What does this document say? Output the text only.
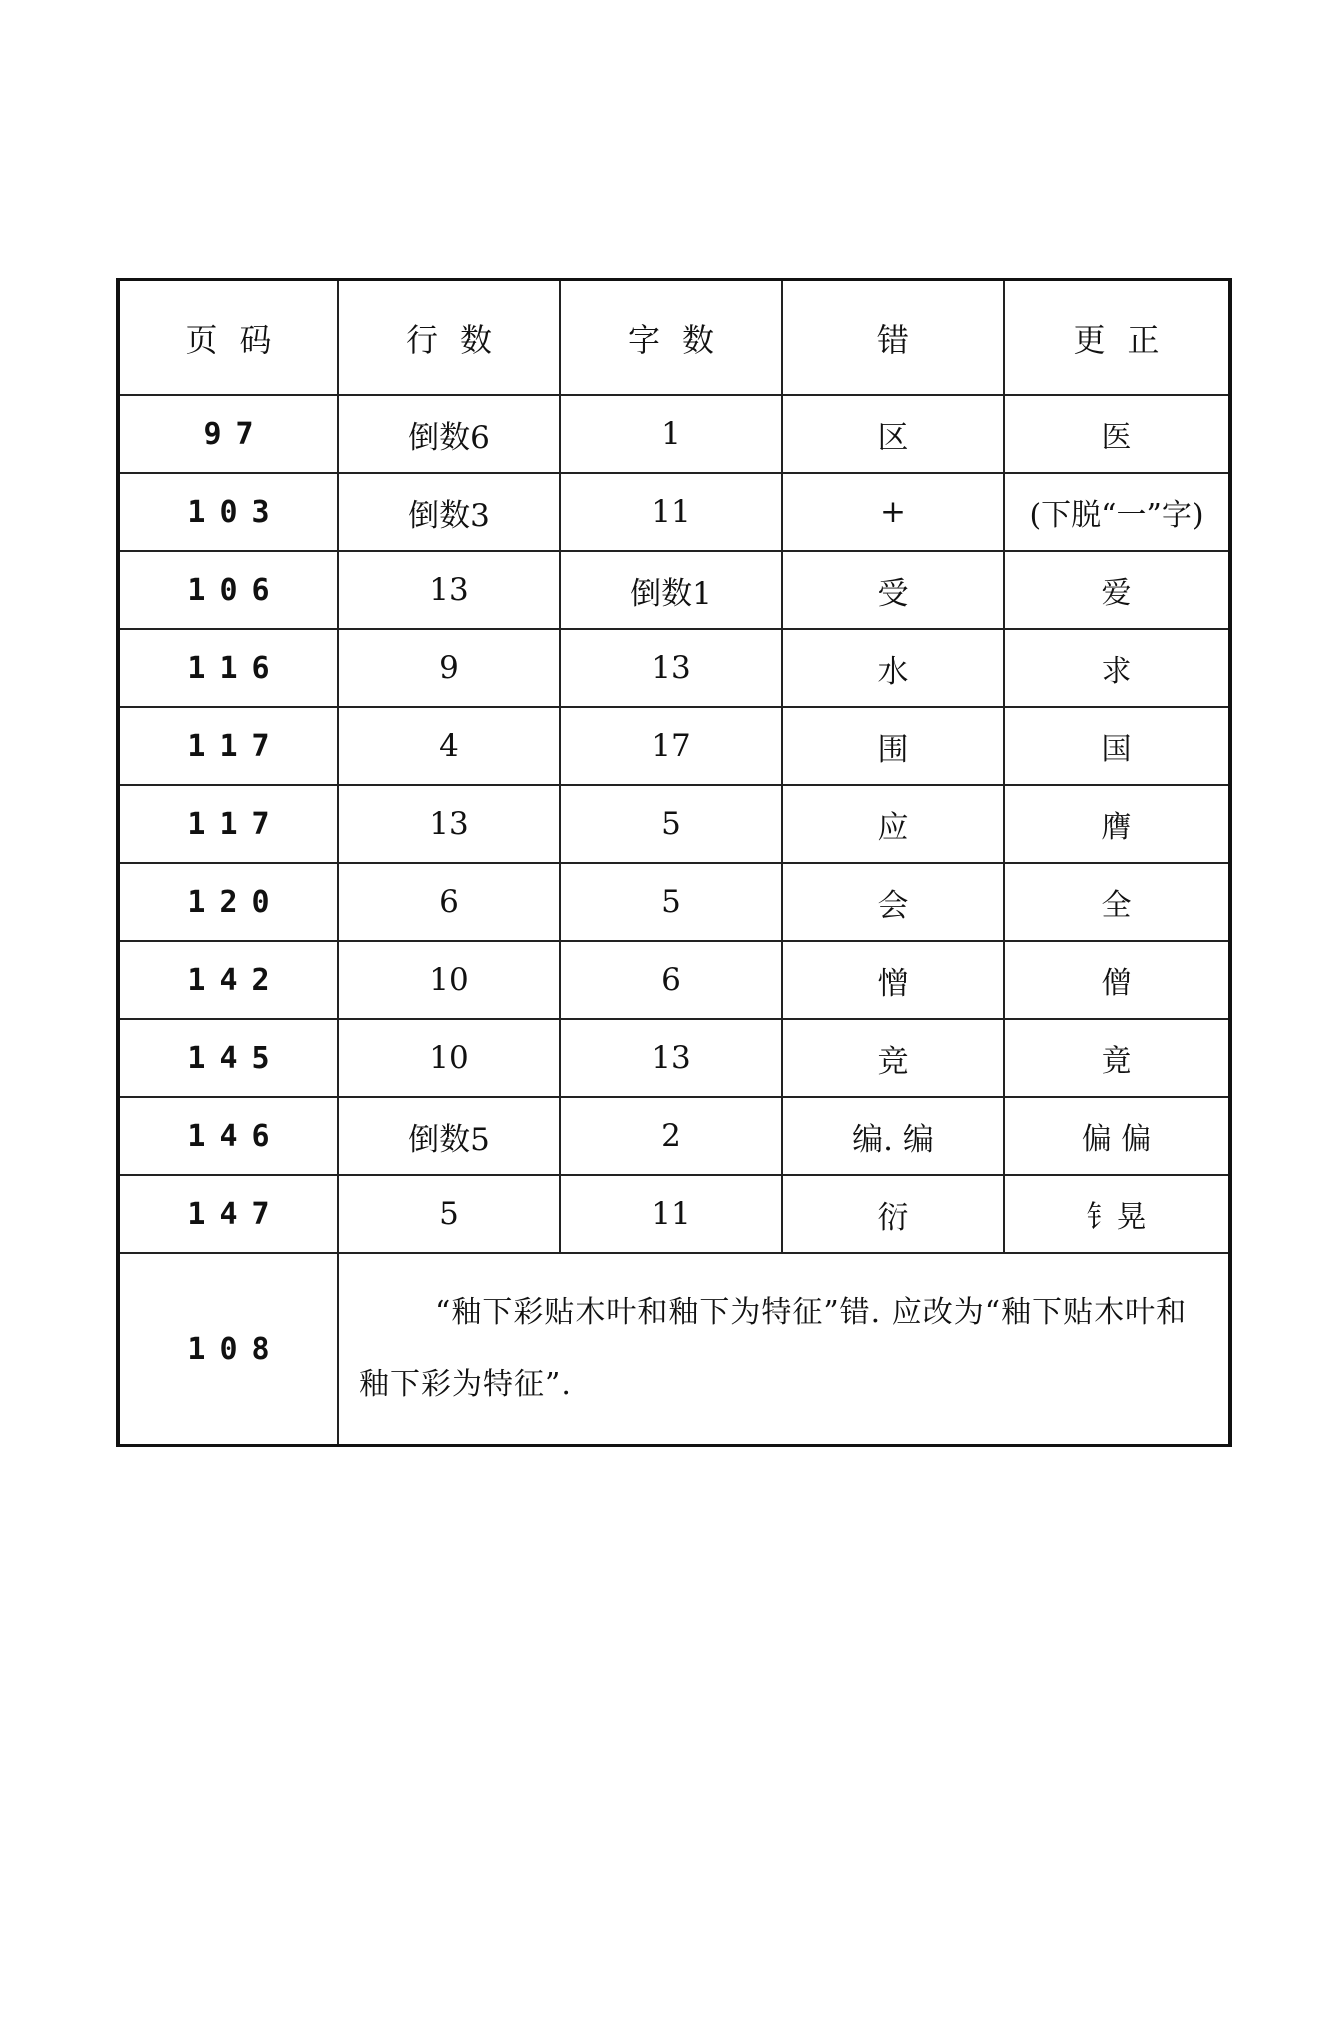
页码	行数	字数	错	更正
97	倒数6	1	区	医
103	倒数3	11	+	(下脱“一”字)
106	13	倒数1	受	爱
116	9	13	水	求
117	4	17	围	国
117	13	5	应	膺
120	6	5	会	全
142	10	6	憎	僧
145	10	13	竞	竟
146	倒数5	2	编. 编	偏 偏
147	5	11	衍	钅晃
108	“釉下彩贴木叶和釉下为特征”错. 应改为“釉下贴木叶和釉下彩为特征”.			
